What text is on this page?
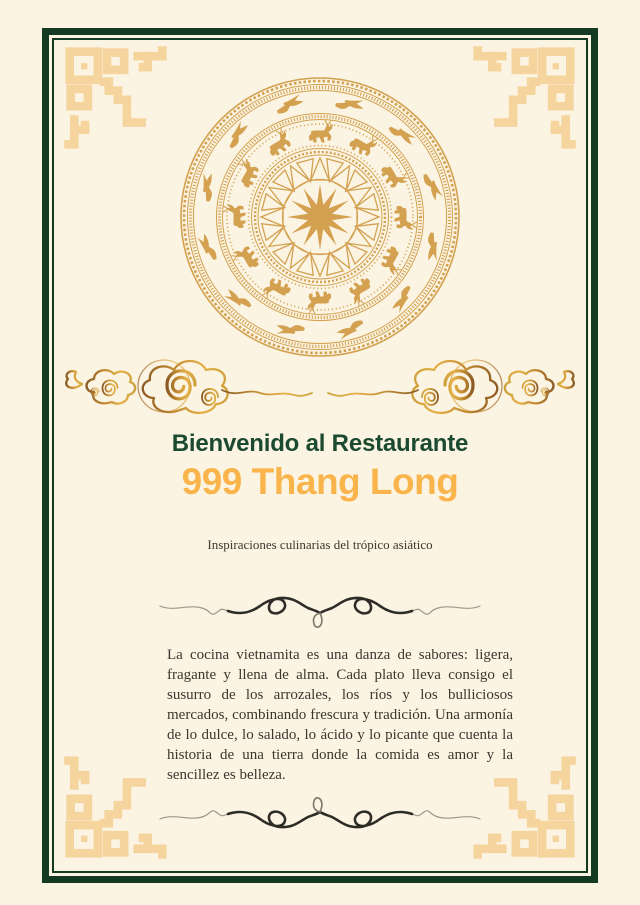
Bienvenido al Restaurante
999 Thang Long
Inspiraciones culinarias del trópico asiático

La cocina vietnamita es una danza de sabores: ligera, fragante y llena de alma. Cada plato lleva consigo el susurro de los arrozales, los ríos y los bulliciosos mercados, combinando frescura y tradición. Una armonía de lo dulce, lo salado, lo ácido y lo picante que cuenta la historia de una tierra donde la comida es amor y la sencillez es belleza.
